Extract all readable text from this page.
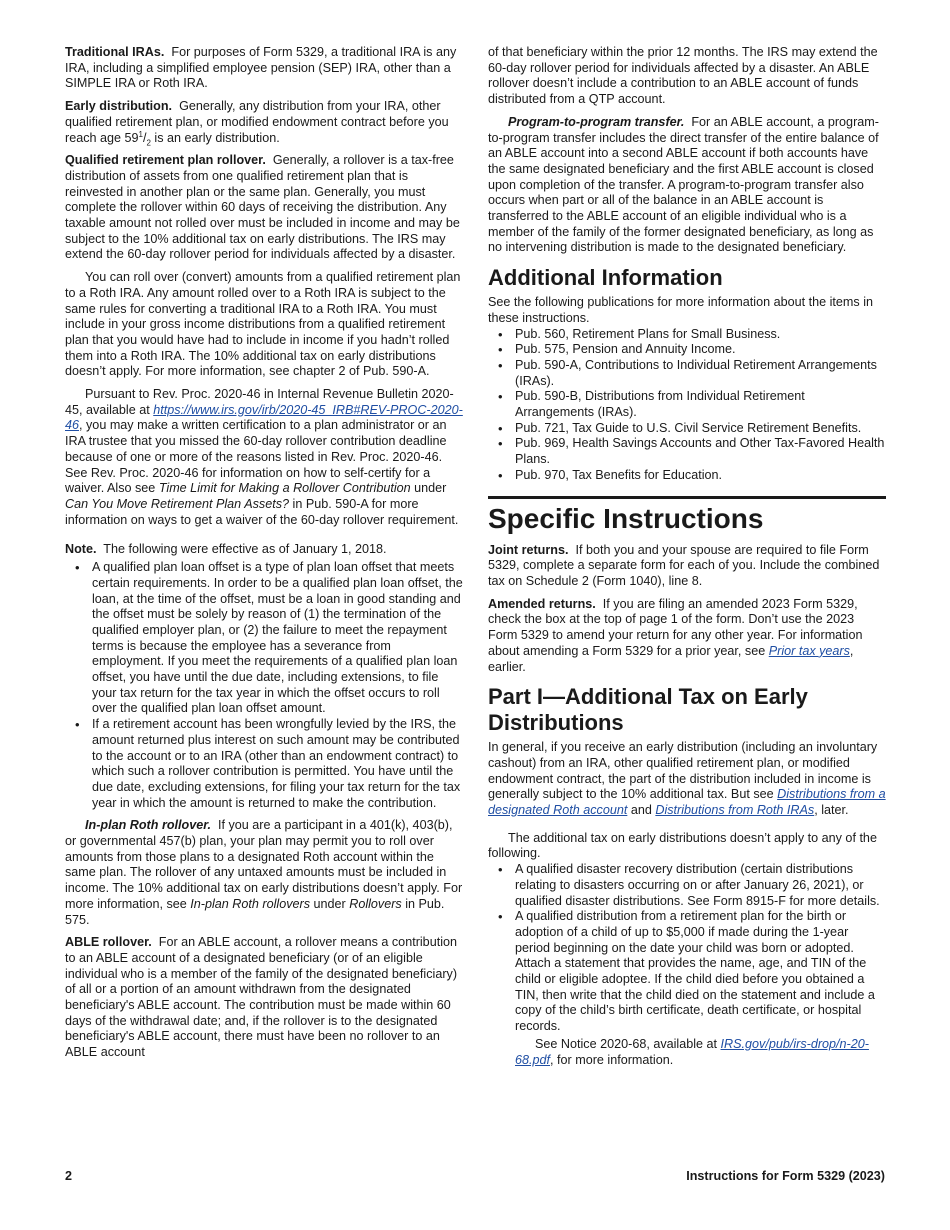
Traditional IRAs. For purposes of Form 5329, a traditional IRA is any IRA, including a simplified employee pension (SEP) IRA, other than a SIMPLE IRA or Roth IRA.

Early distribution. Generally, any distribution from your IRA, other qualified retirement plan, or modified endowment contract before you reach age $59^1/_2$ is an early distribution.

Qualified retirement plan rollover. Generally, a rollover is a tax-free distribution of assets from one qualified retirement plan that is reinvested in another plan or the same plan. Generally, you must complete the rollover within 60 days of receiving the distribution. Any taxable amount not rolled over must be included in income and may be subject to the 10% additional tax on early distributions. The IRS may extend the 60-day rollover period for individuals affected by a disaster.

You can roll over (convert) amounts from a qualified retirement plan to a Roth IRA. Any amount rolled over to a Roth IRA is subject to the same rules for converting a traditional IRA to a Roth IRA. You must include in your gross income distributions from a qualified retirement plan that you would have had to include in income if you hadn’t rolled them into a Roth IRA. The 10% additional tax on early distributions doesn’t apply. For more information, see chapter 2 of Pub. 590-A.

Pursuant to Rev. Proc. 2020-46 in Internal Revenue Bulletin 2020-45, available at https://www.irs.gov/irb/2020-45_IRB#REV-PROC-2020-46, you may make a written certification to a plan administrator or an IRA trustee that you missed the 60-day rollover contribution deadline because of one or more of the reasons listed in Rev. Proc. 2020-46. See Rev. Proc. 2020-46 for information on how to self-certify for a waiver. Also see Time Limit for Making a Rollover Contribution under Can You Move Retirement Plan Assets? in Pub. 590-A for more information on ways to get a waiver of the 60-day rollover requirement.

Note. The following were effective as of January 1, 2018.

• A qualified plan loan offset is a type of plan loan offset that meets certain requirements. In order to be a qualified plan loan offset, the loan, at the time of the offset, must be a loan in good standing and the offset must be solely by reason of (1) the termination of the qualified employer plan, or (2) the failure to meet the repayment terms is because the employee has a severance from employment. If you meet the requirements of a qualified plan loan offset, you have until the due date, including extensions, to file your tax return for the tax year in which the offset occurs to roll over the qualified plan loan offset amount.
• If a retirement account has been wrongfully levied by the IRS, the amount returned plus interest on such amount may be contributed to the account or to an IRA (other than an endowment contract) to which such a rollover contribution is permitted. You have until the due date, excluding extensions, for filing your tax return for the tax year in which the amount is returned to make the contribution.

In-plan Roth rollover. If you are a participant in a 401(k), 403(b), or governmental 457(b) plan, your plan may permit you to roll over amounts from those plans to a designated Roth account within the same plan. The rollover of any untaxed amounts must be included in income. The 10% additional tax on early distributions doesn’t apply. For more information, see In-plan Roth rollovers under Rollovers in Pub. 575.

ABLE rollover. For an ABLE account, a rollover means a contribution to an ABLE account of a designated beneficiary (or of an eligible individual who is a member of the family of the designated beneficiary) of all or a portion of an amount withdrawn from the designated beneficiary's ABLE account. The contribution must be made within 60 days of the withdrawal date; and, if the rollover is to the designated beneficiary's ABLE account, there must have been no rollover to an ABLE account

of that beneficiary within the prior 12 months. The IRS may extend the 60-day rollover period for individuals affected by a disaster. An ABLE rollover doesn’t include a contribution to an ABLE account of funds distributed from a QTP account.

Program-to-program transfer. For an ABLE account, a program-to-program transfer includes the direct transfer of the entire balance of an ABLE account into a second ABLE account if both accounts have the same designated beneficiary and the first ABLE account is closed upon completion of the transfer. A program-to-program transfer also occurs when part or all of the balance in an ABLE account is transferred to the ABLE account of an eligible individual who is a member of the family of the former designated beneficiary, as long as no intervening distribution is made to the designated beneficiary.

Additional Information

See the following publications for more information about the items in these instructions.

• Pub. 560, Retirement Plans for Small Business.
• Pub. 575, Pension and Annuity Income.
• Pub. 590-A, Contributions to Individual Retirement Arrangements (IRAs).
• Pub. 590-B, Distributions from Individual Retirement Arrangements (IRAs).
• Pub. 721, Tax Guide to U.S. Civil Service Retirement Benefits.
• Pub. 969, Health Savings Accounts and Other Tax-Favored Health Plans.
• Pub. 970, Tax Benefits for Education.
Specific Instructions

Joint returns. If both you and your spouse are required to file Form 5329, complete a separate form for each of you. Include the combined tax on Schedule 2 (Form 1040), line 8.

Amended returns. If you are filing an amended 2023 Form 5329, check the box at the top of page 1 of the form. Don’t use the 2023 Form 5329 to amend your return for any other year. For information about amending a Form 5329 for a prior year, see Prior tax years, earlier.

Part I—Additional Tax on Early Distributions

In general, if you receive an early distribution (including an involuntary cashout) from an IRA, other qualified retirement plan, or modified endowment contract, the part of the distribution included in income is generally subject to the 10% additional tax. But see Distributions from a designated Roth account and Distributions from Roth IRAs, later.

The additional tax on early distributions doesn’t apply to any of the following.

• A qualified disaster recovery distribution (certain distributions relating to disasters occurring on or after January 26, 2021), or qualified disaster distributions. See Form 8915-F for more details.
• A qualified distribution from a retirement plan for the birth or adoption of a child of up to $5,000 if made during the 1-year period beginning on the date your child was born or adopted. Attach a statement that provides the name, age, and TIN of the child or eligible adoptee. If the child died before you obtained a TIN, then write that the child died on the statement and include a copy of the child’s birth certificate, death certificate, or hospital records.

See Notice 2020-68, available at IRS.gov/pub/irs-drop/n-20-68.pdf, for more information.

2	Instructions for Form 5329 (2023)
